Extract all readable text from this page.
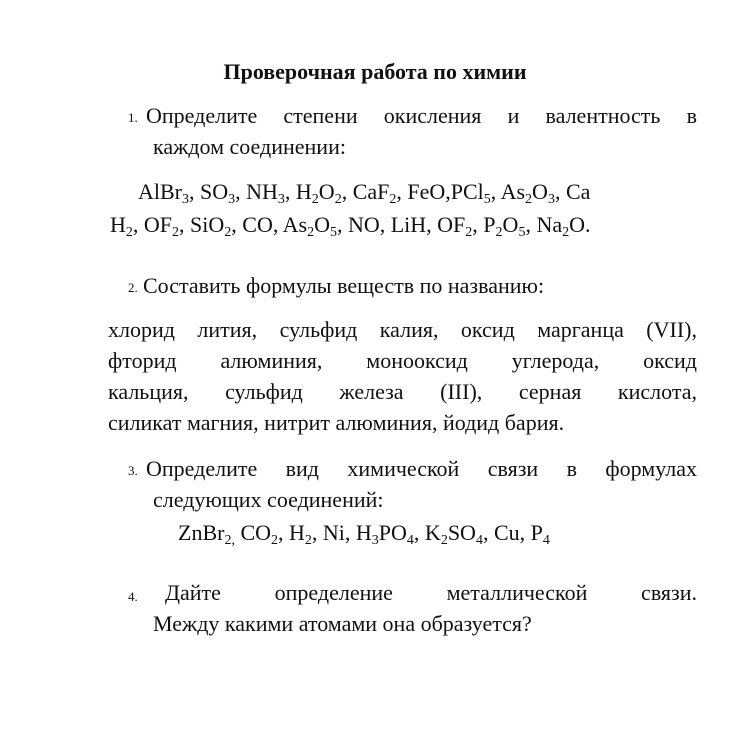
Проверочная работа по химии
1. Определите степени окисления и валентность в
каждом соединении:
AlBr$_3$, $SO_3$, $NH_3$, $H_2O_2$, CaF$_2$, FeO,PCl$_5$, $As_2O_3$, Ca
$H_2$, $OF_2$, SiO$_2$, CO, $As_2O_5$, NO, LiH, $OF_2$, $P_2O_5$, $Na_2O$.
2. Составить формулы веществ по названию:
хлорид лития, сульфид калия, оксид марганца (VII),
фторид алюминия, монооксид углерода, оксид
кальция, сульфид железа (III), серная кислота,
силикат магния, нитрит алюминия, йодид бария.
3. Определите вид химической связи в формулах
следующих соединений:
ZnBr$_{2,}$ $CO_2$, $H_2$, Ni, $H_3PO_4$, $K_2SO_4$, Cu, $P_4$
4. Дайте определение металлической связи.
Между какими атомами она образуется?
